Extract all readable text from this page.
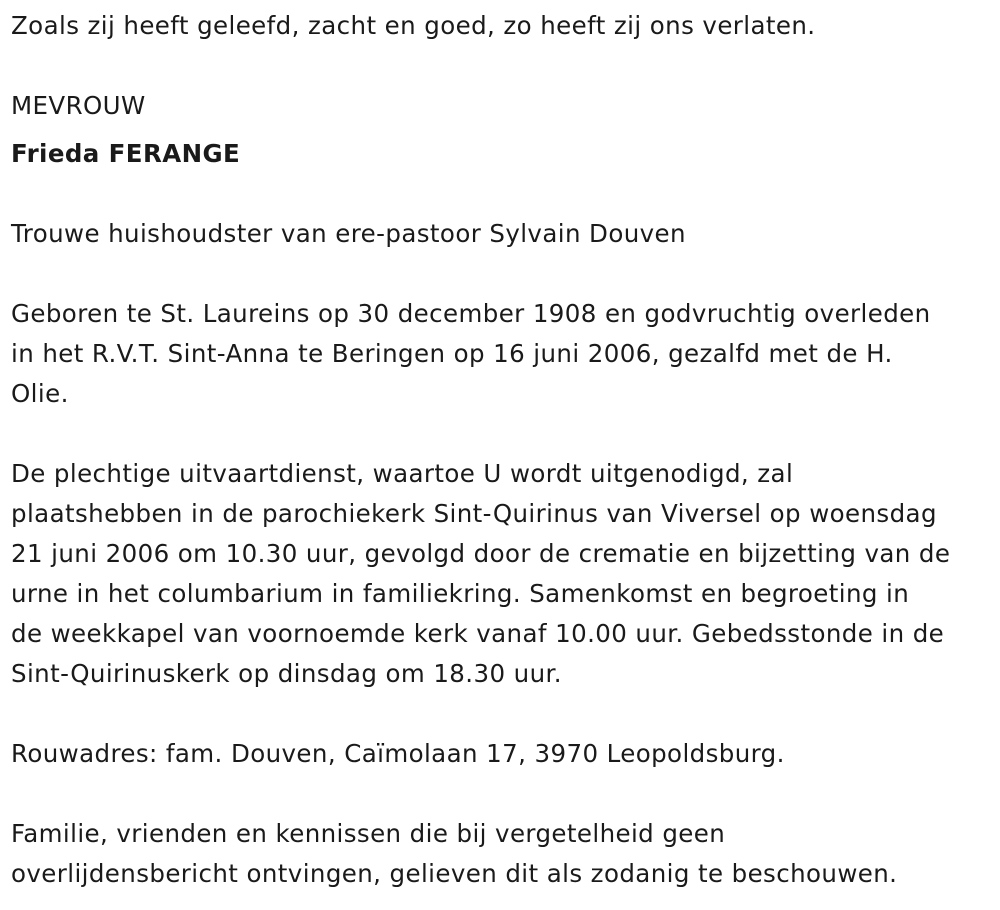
Zoals zij heeft geleefd, zacht en goed, zo heeft zij ons verlaten.

MEVROUW

Frieda FERANGE

Trouwe huishoudster van ere-pastoor Sylvain Douven

Geboren te St. Laureins op 30 december 1908 en godvruchtig overleden
in het R.V.T. Sint-Anna te Beringen op 16 juni 2006, gezalfd met de H.
Olie.

De plechtige uitvaartdienst, waartoe U wordt uitgenodigd, zal
plaatshebben in de parochiekerk Sint-Quirinus van Viversel op woensdag
21 juni 2006 om 10.30 uur, gevolgd door de crematie en bijzetting van de
urne in het columbarium in familiekring. Samenkomst en begroeting in
de weekkapel van voornoemde kerk vanaf 10.00 uur. Gebedsstonde in de
Sint-Quirinuskerk op dinsdag om 18.30 uur.

Rouwadres: fam. Douven, Caïmolaan 17, 3970 Leopoldsburg.

Familie, vrienden en kennissen die bij vergetelheid geen
overlijdensbericht ontvingen, gelieven dit als zodanig te beschouwen.
